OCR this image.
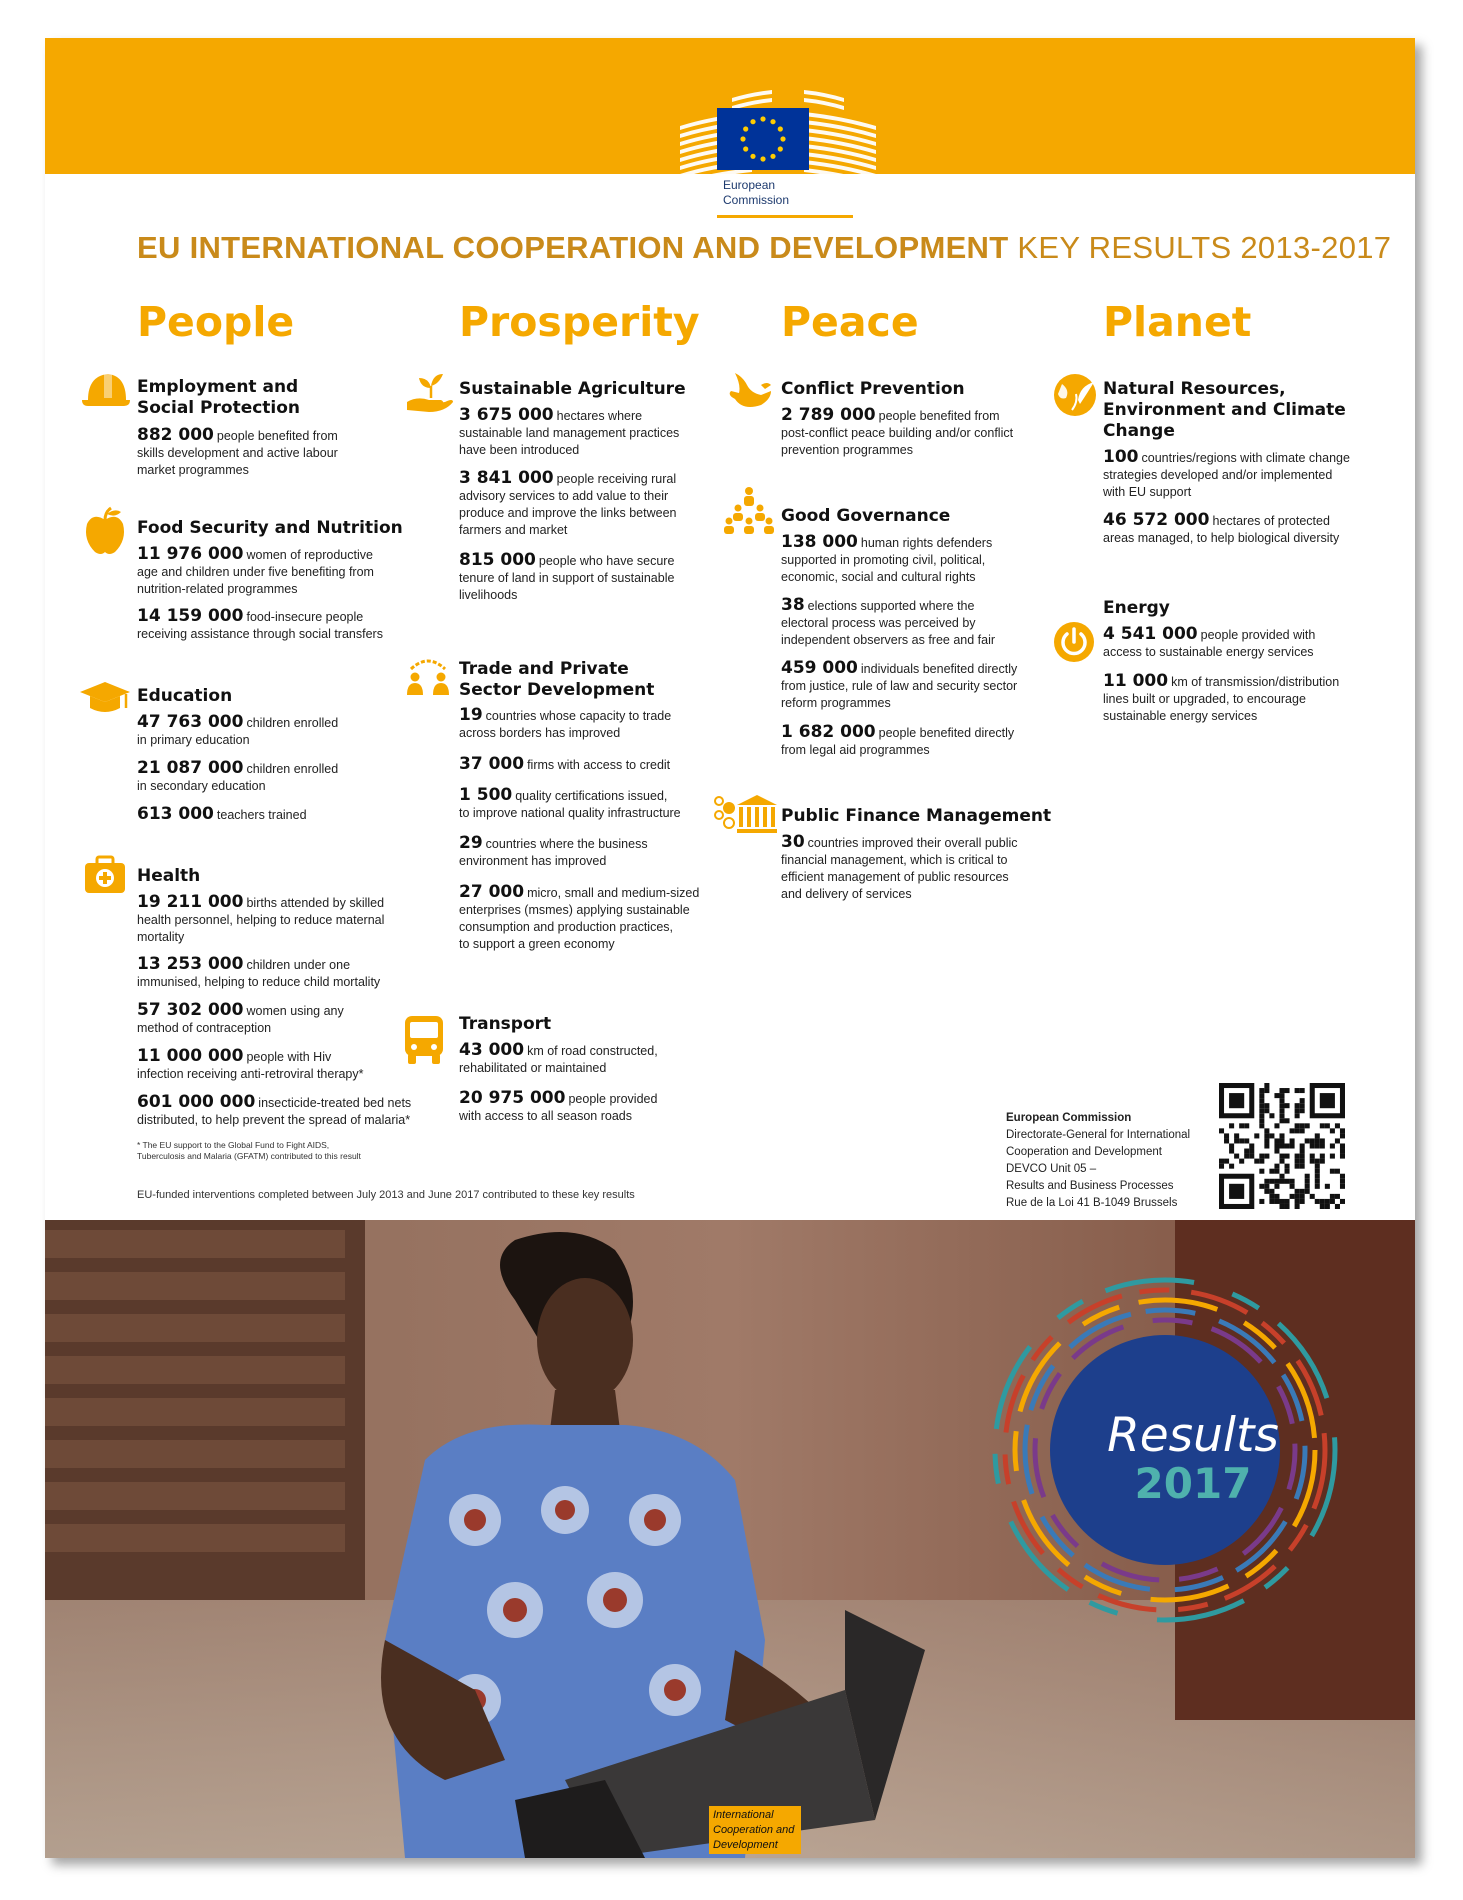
European
Commission
EU INTERNATIONAL COOPERATION AND DEVELOPMENT KEY RESULTS 2013-2017
People	Prosperity Peace	Planet
Employment and
Social Protection
882 000 people benefited from
skills development and active labour
market programmes
Food Security and Nutrition
11 976 000 women of reproductive
age and children under five benefiting from
nutrition-related programmes
14 159 000 food-insecure people
receiving assistance through social transfers
Education
47 763 000 children enrolled
in primary education
21 087 000 children enrolled
in secondary education
613 000 teachers trained
Health
19 211 000 births attended by skilled
health personnel, helping to reduce maternal
mortality
13 253 000 children under one
immunised, helping to reduce child mortality
57 302 000 women using any
method of contraception
11 000 000 people with Hiv
infection receiving anti-retroviral therapy*
601 000 000 insecticide-treated bed nets
distributed, to help prevent the spread of malaria*
* The EU support to the Global Fund to Fight AIDS,
Tuberculosis and Malaria (GFATM) contributed to this result
Sustainable Agriculture
3 675 000 hectares where
sustainable land management practices
have been introduced
3 841 000 people receiving rural
advisory services to add value to their
produce and improve the links between
farmers and market
815 000 people who have secure
tenure of land in support of sustainable
livelihoods
Trade and Private
Sector Development
19 countries whose capacity to trade
across borders has improved
37 000 firms with access to credit
1 500 quality certifications issued,
to improve national quality infrastructure
29 countries where the business
environment has improved
27 000 micro, small and medium-sized
enterprises (msmes) applying sustainable
consumption and production practices,
to support a green economy
Transport
43 000 km of road constructed,
rehabilitated or maintained
20 975 000 people provided
with access to all season roads
Conflict Prevention
2 789 000 people benefited from
post-conflict peace building and/or conflict
prevention programmes
Good Governance
138 000 human rights defenders
supported in promoting civil, political,
economic, social and cultural rights
38 elections supported where the
electoral process was perceived by
independent observers as free and fair
459 000 individuals benefited directly
from justice, rule of law and security sector
reform programmes
1 682 000 people benefited directly
from legal aid programmes
Public Finance Management
30 countries improved their overall public
financial management, which is critical to
efficient management of public resources
and delivery of services
Natural Resources,
Environment and Climate
Change
100 countries/regions with climate change
strategies developed and/or implemented
with EU support
46 572 000 hectares of protected
areas managed, to help biological diversity
Energy
4 541 000 people provided with
access to sustainable energy services
11 000 km of transmission/distribution
lines built or upgraded, to encourage
sustainable energy services
EU-funded interventions completed between July 2013 and June 2017 contributed to these key results
European Commission
Directorate-General for International
Cooperation and Development
DEVCO Unit 05 –
Results and Business Processes
Rue de la Loi 41 B-1049 Brussels
Results
2017
International
Cooperation and
Development
